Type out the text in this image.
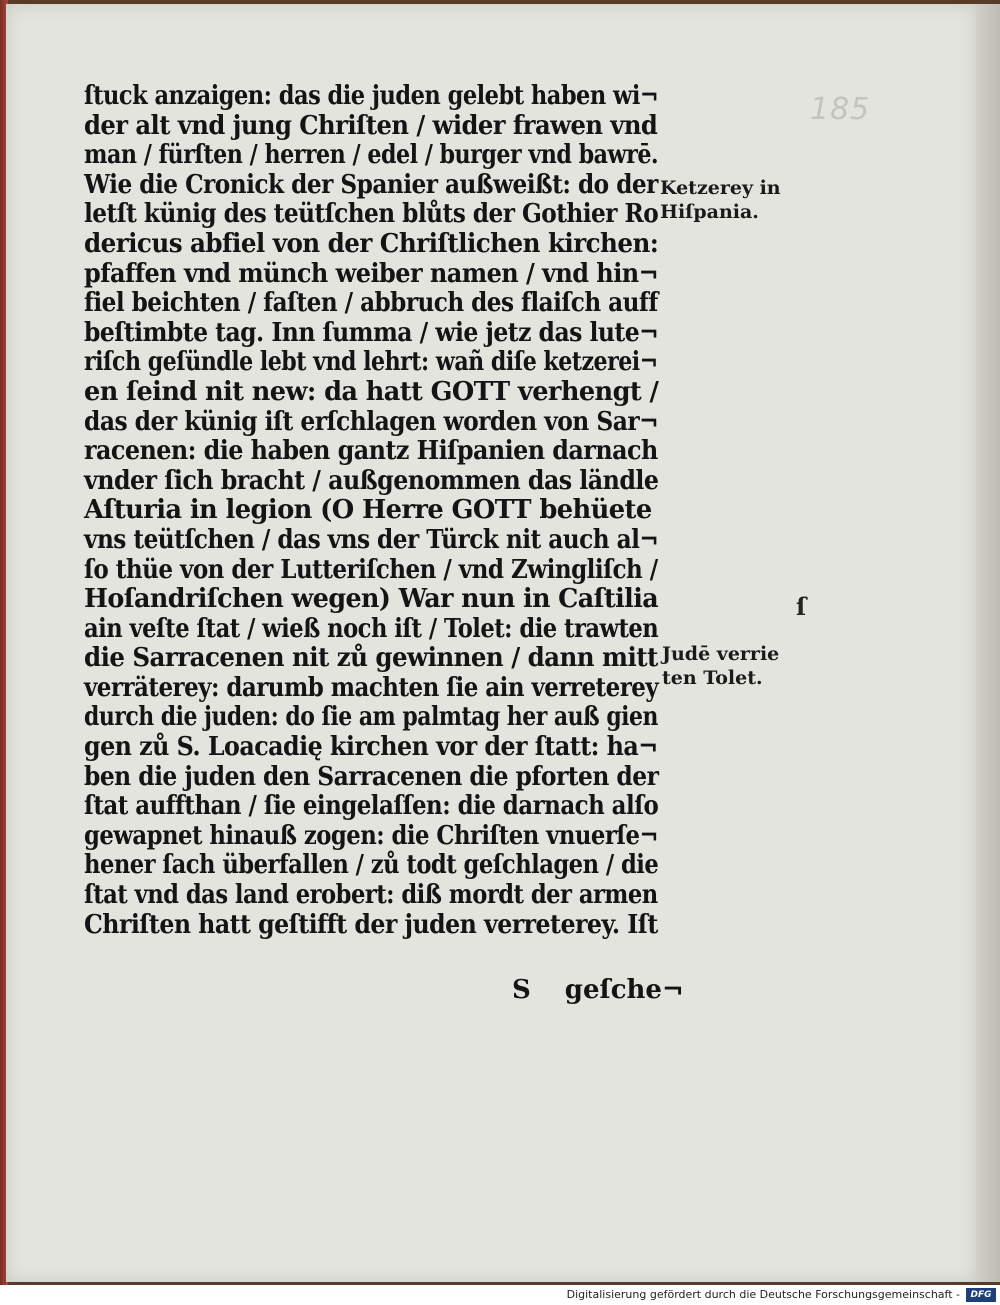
185
ſtuck anzaigen: das die juden gelebt haben wi¬
der alt vnd jung Chriſten / wider frawen vnd
man / fürſten / herren / edel / burger vnd bawrē.
Wie die Cronick der Spanier außweißt: do der
letſt künig des teütſchen blůts der Gothier Ro
dericus abfiel von der Chriſtlichen kirchen:
pfaffen vnd münch weiber namen / vnd hin¬
fiel beichten / faſten / abbruch des flaiſch auff
beſtimbte tag. Inn ſumma / wie jetz das lute¬
riſch geſündle lebt vnd lehrt: wañ diſe ketzerei¬
en ſeind nit new: da hatt GOTT verhengt /
das der künig iſt erſchlagen worden von Sar¬
racenen: die haben gantz Hiſpanien darnach
vnder ſich bracht / außgenommen das ländle
Aſturia in legion (O Herre GOTT behüete
vns teütſchen / das vns der Türck nit auch al¬
ſo thüe von der Lutteriſchen / vnd Zwingliſch /
Hoſandriſchen wegen) War nun in Caſtilia
ain veſte ſtat / wieß noch iſt / Tolet: die trawten
die Sarracenen nit zů gewinnen / dann mitt
verräterey: darumb machten ſie ain verreterey
durch die juden: do ſie am palmtag her auß gien
gen zů S. Loacadię kirchen vor der ſtatt: ha¬
ben die juden den Sarracenen die pforten der
ſtat auffthan / ſie eingelaſſen: die darnach alſo
gewapnet hinauß zogen: die Chriſten vnuerſe¬
hener ſach überfallen / zů todt geſchlagen / die
ſtat vnd das land erobert: diß mordt der armen
Chriſten hatt geſtifft der juden verreterey. Iſt
S geſche¬
Ketzerey in
Hiſpania.
ſ
Judē verrie
ten Tolet.
Digitalisierung gefördert durch die Deutsche Forschungsgemeinschaft -	DFG
